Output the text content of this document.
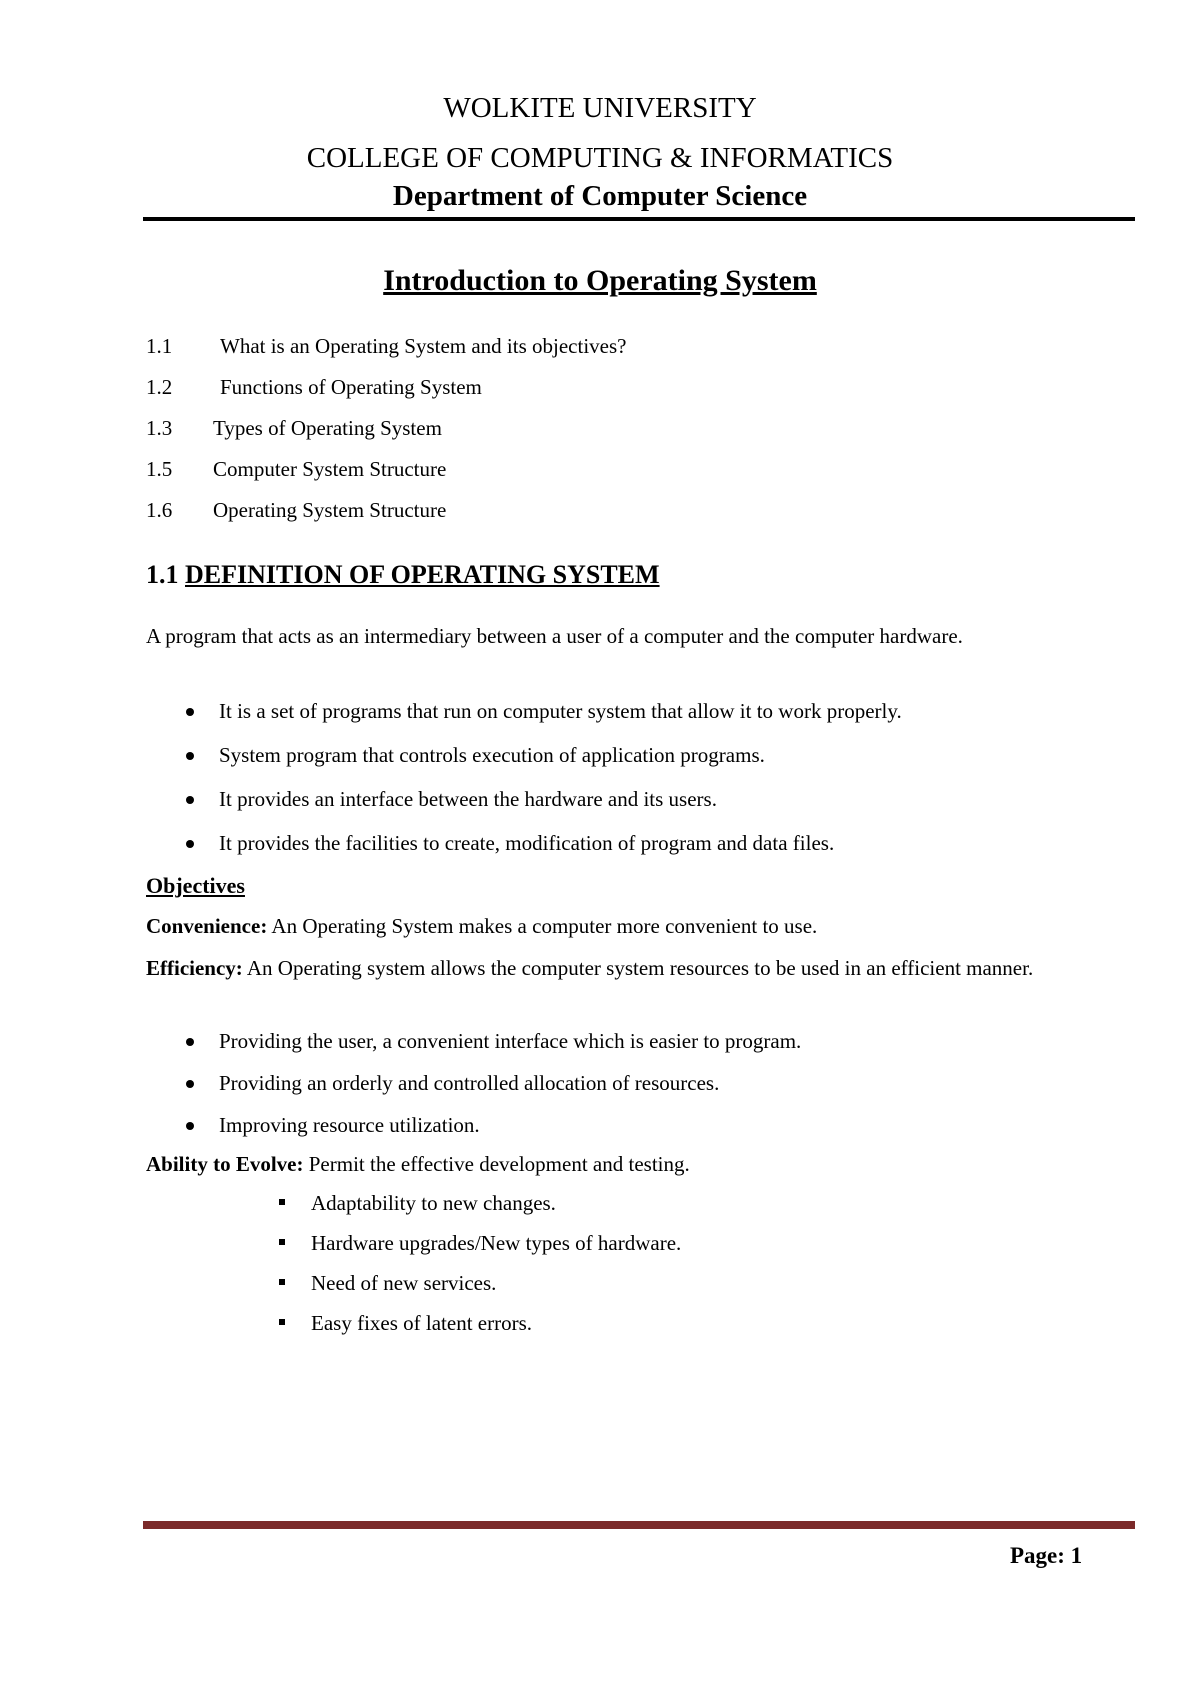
WOLKITE UNIVERSITY
COLLEGE OF COMPUTING & INFORMATICS
Department of Computer Science
Introduction to Operating System
1.1 What is an Operating System and its objectives?
1.2 Functions of Operating System
1.3 Types of Operating System
1.5 Computer System Structure
1.6 Operating System Structure
1.1 DEFINITION OF OPERATING SYSTEM
A program that acts as an intermediary between a user of a computer and the computer hardware.
It is a set of programs that run on computer system that allow it to work properly.
System program that controls execution of application programs.
It provides an interface between the hardware and its users.
It provides the facilities to create, modification of program and data files.
Objectives
Convenience: An Operating System makes a computer more convenient to use.
Efficiency: An Operating system allows the computer system resources to be used in an efficient manner.
Providing the user, a convenient interface which is easier to program.
Providing an orderly and controlled allocation of resources.
Improving resource utilization.
Ability to Evolve: Permit the effective development and testing.
Adaptability to new changes.
Hardware upgrades/New types of hardware.
Need of new services.
Easy fixes of latent errors.
Page: 1
